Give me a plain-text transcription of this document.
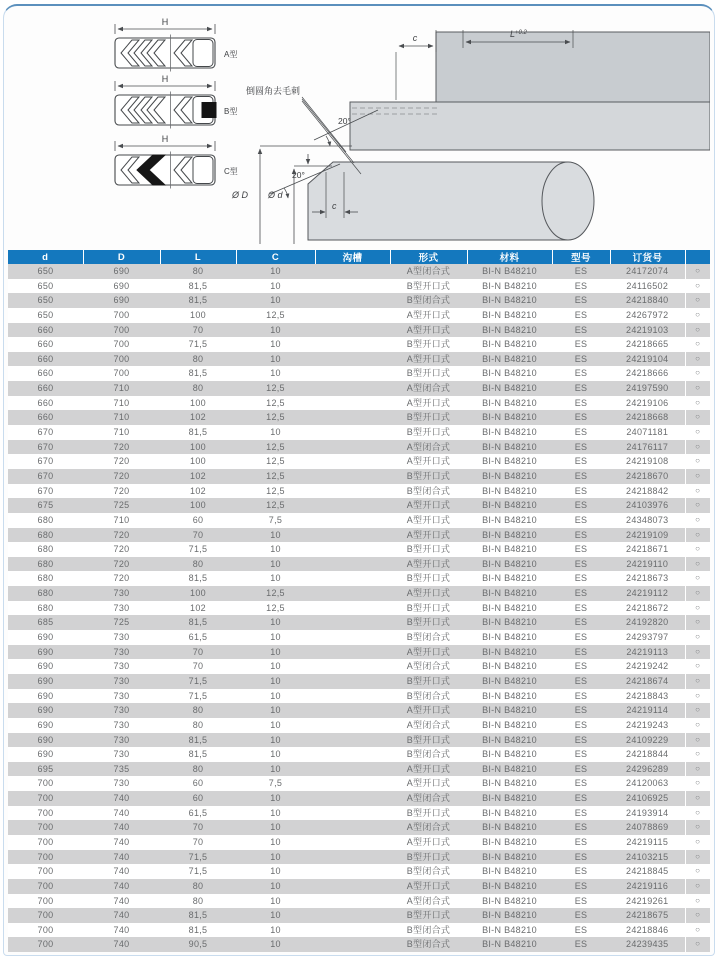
H
A型
H
B型
H
C型
c	$L^{+0.2}$
倒圆角去毛刺
20°
20°
Ø D Ø d
c
d	D	L	C	沟槽	形式	材料	型号	订货号	
650	690	80	10		A型闭合式	BI-N B48210	ES	24172074	○
650	690	81,5	10		B型开口式	BI-N B48210	ES	24116502	○
650	690	81,5	10		B型闭合式	BI-N B48210	ES	24218840	○
650	700	100	12,5		A型开口式	BI-N B48210	ES	24267972	○
660	700	70	10		A型开口式	BI-N B48210	ES	24219103	○
660	700	71,5	10		B型开口式	BI-N B48210	ES	24218665	○
660	700	80	10		A型开口式	BI-N B48210	ES	24219104	○
660	700	81,5	10		B型开口式	BI-N B48210	ES	24218666	○
660	710	80	12,5		A型闭合式	BI-N B48210	ES	24197590	○
660	710	100	12,5		A型开口式	BI-N B48210	ES	24219106	○
660	710	102	12,5		B型开口式	BI-N B48210	ES	24218668	○
670	710	81,5	10		B型开口式	BI-N B48210	ES	24071181	○
670	720	100	12,5		A型闭合式	BI-N B48210	ES	24176117	○
670	720	100	12,5		A型开口式	BI-N B48210	ES	24219108	○
670	720	102	12,5		B型开口式	BI-N B48210	ES	24218670	○
670	720	102	12,5		B型闭合式	BI-N B48210	ES	24218842	○
675	725	100	12,5		A型开口式	BI-N B48210	ES	24103976	○
680	710	60	7,5		A型开口式	BI-N B48210	ES	24348073	○
680	720	70	10		A型开口式	BI-N B48210	ES	24219109	○
680	720	71,5	10		B型开口式	BI-N B48210	ES	24218671	○
680	720	80	10		A型开口式	BI-N B48210	ES	24219110	○
680	720	81,5	10		B型开口式	BI-N B48210	ES	24218673	○
680	730	100	12,5		A型开口式	BI-N B48210	ES	24219112	○
680	730	102	12,5		B型开口式	BI-N B48210	ES	24218672	○
685	725	81,5	10		B型开口式	BI-N B48210	ES	24192820	○
690	730	61,5	10		B型闭合式	BI-N B48210	ES	24293797	○
690	730	70	10		A型开口式	BI-N B48210	ES	24219113	○
690	730	70	10		A型闭合式	BI-N B48210	ES	24219242	○
690	730	71,5	10		B型开口式	BI-N B48210	ES	24218674	○
690	730	71,5	10		B型闭合式	BI-N B48210	ES	24218843	○
690	730	80	10		A型开口式	BI-N B48210	ES	24219114	○
690	730	80	10		A型闭合式	BI-N B48210	ES	24219243	○
690	730	81,5	10		B型开口式	BI-N B48210	ES	24109229	○
690	730	81,5	10		B型闭合式	BI-N B48210	ES	24218844	○
695	735	80	10		A型开口式	BI-N B48210	ES	24296289	○
700	730	60	7,5		A型开口式	BI-N B48210	ES	24120063	○
700	740	60	10		A型闭合式	BI-N B48210	ES	24106925	○
700	740	61,5	10		B型开口式	BI-N B48210	ES	24193914	○
700	740	70	10		A型闭合式	BI-N B48210	ES	24078869	○
700	740	70	10		A型开口式	BI-N B48210	ES	24219115	○
700	740	71,5	10		B型开口式	BI-N B48210	ES	24103215	○
700	740	71,5	10		B型闭合式	BI-N B48210	ES	24218845	○
700	740	80	10		A型开口式	BI-N B48210	ES	24219116	○
700	740	80	10		A型闭合式	BI-N B48210	ES	24219261	○
700	740	81,5	10		B型开口式	BI-N B48210	ES	24218675	○
700	740	81,5	10		B型闭合式	BI-N B48210	ES	24218846	○
700	740	90,5	10		B型闭合式	BI-N B48210	ES	24239435	○
